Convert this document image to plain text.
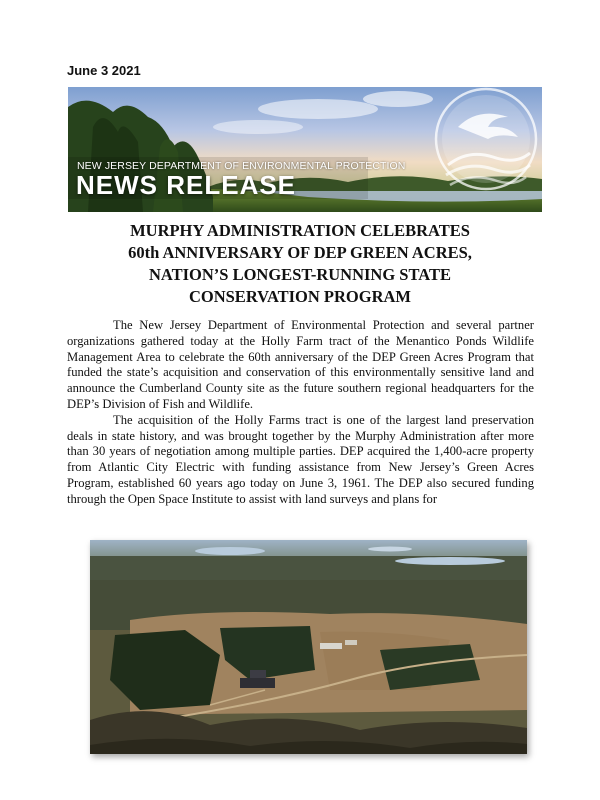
June 3 2021
NEW JERSEY DEPARTMENT OF ENVIRONMENTAL PROTECTION
NEWS RELEASE
MURPHY ADMINISTRATION CELEBRATES
60th ANNIVERSARY OF DEP GREEN ACRES,
NATION’S LONGEST-RUNNING STATE
CONSERVATION PROGRAM

The New Jersey Department of Environmental Protection and several partner organizations gathered today at the Holly Farm tract of the Menantico Ponds Wildlife Management Area to celebrate the 60th anniversary of the DEP Green Acres Program that funded the state’s acquisition and conservation of this environmentally sensitive land and announce the Cumberland County site as the future southern regional headquarters for the DEP’s Division of Fish and Wildlife.

The acquisition of the Holly Farms tract is one of the largest land preservation deals in state history, and was brought together by the Murphy Administration after more than 30 years of negotiation among multiple parties. DEP acquired the 1,400-acre property from Atlantic City Electric with funding assistance from New Jersey’s Green Acres Program, established 60 years ago today on June 3, 1961. The DEP also secured funding through the Open Space Institute to assist with land surveys and plans for
